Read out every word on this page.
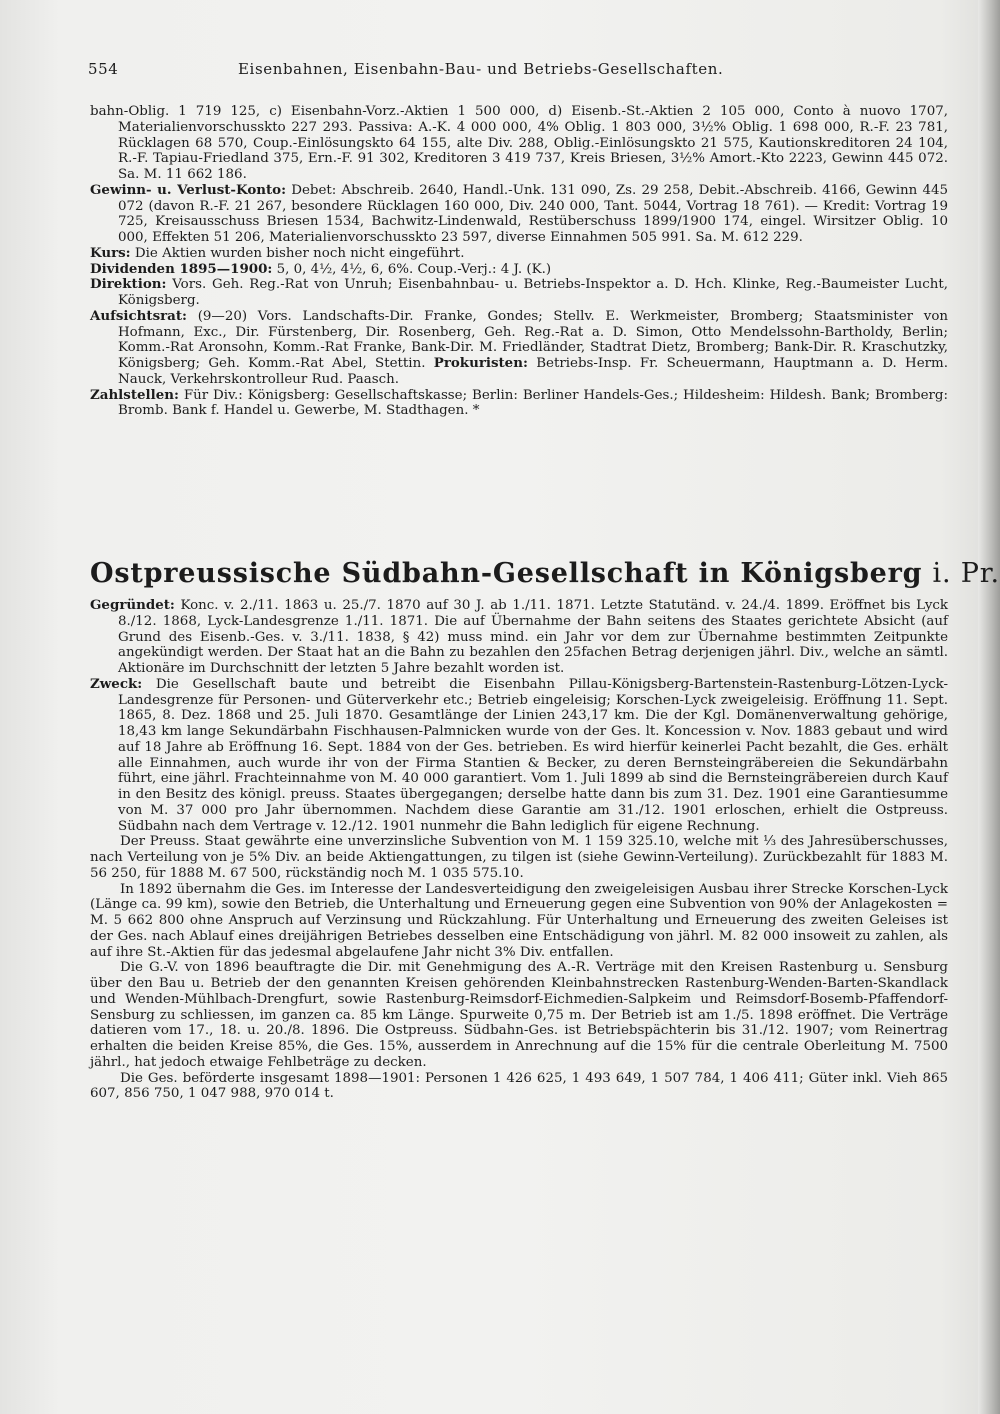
554	Eisenbahnen, Eisenbahn-Bau- und Betriebs-Gesellschaften.

bahn-Oblig. 1 719 125, c) Eisenbahn-Vorz.-Aktien 1 500 000, d) Eisenb.-St.-Aktien 2 105 000, Conto à nuovo 1707, Materialienvorschusskto 227 293. Passiva: A.-K. 4 000 000, 4% Oblig. 1 803 000, 3½% Oblig. 1 698 000, R.-F. 23 781, Rücklagen 68 570, Coup.-Einlösungskto 64 155, alte Div. 288, Oblig.-Einlösungskto 21 575, Kautionskreditoren 24 104, R.-F. Tapiau-Friedland 375, Ern.-F. 91 302, Kreditoren 3 419 737, Kreis Briesen, 3½% Amort.-Kto 2223, Gewinn 445 072. Sa. M. 11 662 186.

Gewinn- u. Verlust-Konto: Debet: Abschreib. 2640, Handl.-Unk. 131 090, Zs. 29 258, Debit.-Abschreib. 4166, Gewinn 445 072 (davon R.-F. 21 267, besondere Rücklagen 160 000, Div. 240 000, Tant. 5044, Vortrag 18 761). — Kredit: Vortrag 19 725, Kreisausschuss Briesen 1534, Bachwitz-Lindenwald, Restüberschuss 1899/1900 174, eingel. Wirsitzer Oblig. 10 000, Effekten 51 206, Materialienvorschusskto 23 597, diverse Einnahmen 505 991. Sa. M. 612 229.

Kurs: Die Aktien wurden bisher noch nicht eingeführt.

Dividenden 1895—1900: 5, 0, 4½, 4½, 6, 6%. Coup.-Verj.: 4 J. (K.)

Direktion: Vors. Geh. Reg.-Rat von Unruh; Eisenbahnbau- u. Betriebs-Inspektor a. D. Hch. Klinke, Reg.-Baumeister Lucht, Königsberg.

Aufsichtsrat: (9—20) Vors. Landschafts-Dir. Franke, Gondes; Stellv. E. Werkmeister, Bromberg; Staatsminister von Hofmann, Exc., Dir. Fürstenberg, Dir. Rosenberg, Geh. Reg.-Rat a. D. Simon, Otto Mendelssohn-Bartholdy, Berlin; Komm.-Rat Aronsohn, Komm.-Rat Franke, Bank-Dir. M. Friedländer, Stadtrat Dietz, Bromberg; Bank-Dir. R. Kraschutzky, Königsberg; Geh. Komm.-Rat Abel, Stettin. Prokuristen: Betriebs-Insp. Fr. Scheuermann, Hauptmann a. D. Herm. Nauck, Verkehrskontrolleur Rud. Paasch.

Zahlstellen: Für Div.: Königsberg: Gesellschaftskasse; Berlin: Berliner Handels-Ges.; Hildesheim: Hildesh. Bank; Bromberg: Bromb. Bank f. Handel u. Gewerbe, M. Stadthagen. *

Ostpreussische Südbahn-Gesellschaft in Königsberg i. Pr.

Gegründet: Konc. v. 2./11. 1863 u. 25./7. 1870 auf 30 J. ab 1./11. 1871. Letzte Statutänd. v. 24./4. 1899. Eröffnet bis Lyck 8./12. 1868, Lyck-Landesgrenze 1./11. 1871. Die auf Übernahme der Bahn seitens des Staates gerichtete Absicht (auf Grund des Eisenb.-Ges. v. 3./11. 1838, § 42) muss mind. ein Jahr vor dem zur Übernahme bestimmten Zeitpunkte angekündigt werden. Der Staat hat an die Bahn zu bezahlen den 25fachen Betrag derjenigen jährl. Div., welche an sämtl. Aktionäre im Durchschnitt der letzten 5 Jahre bezahlt worden ist.

Zweck: Die Gesellschaft baute und betreibt die Eisenbahn Pillau-Königsberg-Bartenstein-Rastenburg-Lötzen-Lyck-Landesgrenze für Personen- und Güterverkehr etc.; Betrieb eingeleisig; Korschen-Lyck zweigeleisig. Eröffnung 11. Sept. 1865, 8. Dez. 1868 und 25. Juli 1870. Gesamtlänge der Linien 243,17 km. Die der Kgl. Domänenverwaltung gehörige, 18,43 km lange Sekundärbahn Fischhausen-Palmnicken wurde von der Ges. lt. Koncession v. Nov. 1883 gebaut und wird auf 18 Jahre ab Eröffnung 16. Sept. 1884 von der Ges. betrieben. Es wird hierfür keinerlei Pacht bezahlt, die Ges. erhält alle Einnahmen, auch wurde ihr von der Firma Stantien & Becker, zu deren Bernsteingräbereien die Sekundärbahn führt, eine jährl. Frachteinnahme von M. 40 000 garantiert. Vom 1. Juli 1899 ab sind die Bernsteingräbereien durch Kauf in den Besitz des königl. preuss. Staates übergegangen; derselbe hatte dann bis zum 31. Dez. 1901 eine Garantiesumme von M. 37 000 pro Jahr übernommen. Nachdem diese Garantie am 31./12. 1901 erloschen, erhielt die Ostpreuss. Südbahn nach dem Vertrage v. 12./12. 1901 nunmehr die Bahn lediglich für eigene Rechnung.

Der Preuss. Staat gewährte eine unverzinsliche Subvention von M. 1 159 325.10, welche mit ⅓ des Jahresüberschusses, nach Verteilung von je 5% Div. an beide Aktiengattungen, zu tilgen ist (siehe Gewinn-Verteilung). Zurückbezahlt für 1883 M. 56 250, für 1888 M. 67 500, rückständig noch M. 1 035 575.10.

In 1892 übernahm die Ges. im Interesse der Landesverteidigung den zweigeleisigen Ausbau ihrer Strecke Korschen-Lyck (Länge ca. 99 km), sowie den Betrieb, die Unterhaltung und Erneuerung gegen eine Subvention von 90% der Anlagekosten = M. 5 662 800 ohne Anspruch auf Verzinsung und Rückzahlung. Für Unterhaltung und Erneuerung des zweiten Geleises ist der Ges. nach Ablauf eines dreijährigen Betriebes desselben eine Entschädigung von jährl. M. 82 000 insoweit zu zahlen, als auf ihre St.-Aktien für das jedesmal abgelaufene Jahr nicht 3% Div. entfallen.

Die G.-V. von 1896 beauftragte die Dir. mit Genehmigung des A.-R. Verträge mit den Kreisen Rastenburg u. Sensburg über den Bau u. Betrieb der den genannten Kreisen gehörenden Kleinbahnstrecken Rastenburg-Wenden-Barten-Skandlack und Wenden-Mühlbach-Drengfurt, sowie Rastenburg-Reimsdorf-Eichmedien-Salpkeim und Reimsdorf-Bosemb-Pfaffendorf-Sensburg zu schliessen, im ganzen ca. 85 km Länge. Spurweite 0,75 m. Der Betrieb ist am 1./5. 1898 eröffnet. Die Verträge datieren vom 17., 18. u. 20./8. 1896. Die Ostpreuss. Südbahn-Ges. ist Betriebspächterin bis 31./12. 1907; vom Reinertrag erhalten die beiden Kreise 85%, die Ges. 15%, ausserdem in Anrechnung auf die 15% für die centrale Oberleitung M. 7500 jährl., hat jedoch etwaige Fehlbeträge zu decken.

Die Ges. beförderte insgesamt 1898—1901: Personen 1 426 625, 1 493 649, 1 507 784, 1 406 411; Güter inkl. Vieh 865 607, 856 750, 1 047 988, 970 014 t.
